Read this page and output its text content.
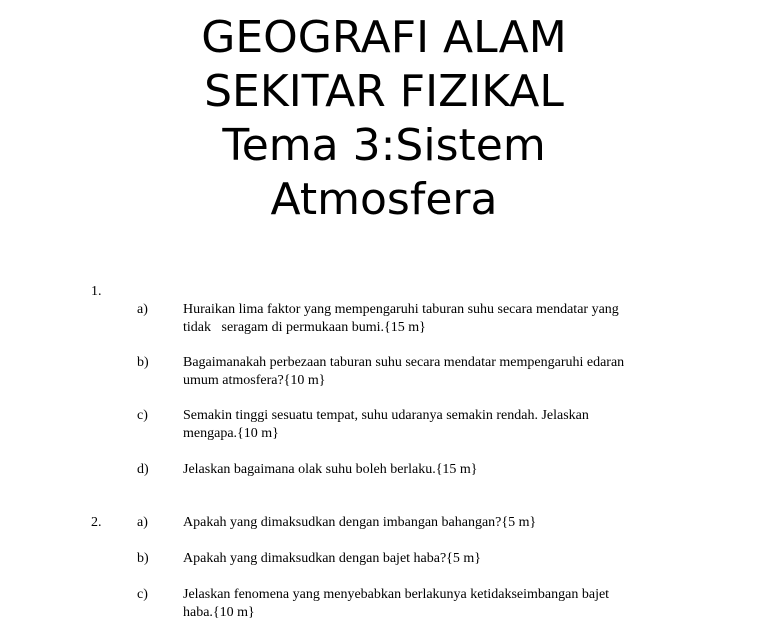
GEOGRAFI ALAM
SEKITAR FIZIKAL
Tema 3:Sistem
Atmosfera
1.
a)	Huraikan lima faktor yang mempengaruhi taburan suhu secara mendatar yang
tidak   seragam di permukaan bumi.{15 m}
b) Bagaimanakah perbezaan taburan suhu secara mendatar mempengaruhi edaran
umum atmosfera?{10 m}
c)	Semakin tinggi sesuatu tempat, suhu udaranya semakin rendah. Jelaskan
mengapa.{10 m}
d) Jelaskan bagaimana olak suhu boleh berlaku.{15 m}
2.	a)	Apakah yang dimaksudkan dengan imbangan bahangan?{5 m}
b) Apakah yang dimaksudkan dengan bajet haba?{5 m}
c)	Jelaskan fenomena yang menyebabkan berlakunya ketidakseimbangan bajet
haba.{10 m}
